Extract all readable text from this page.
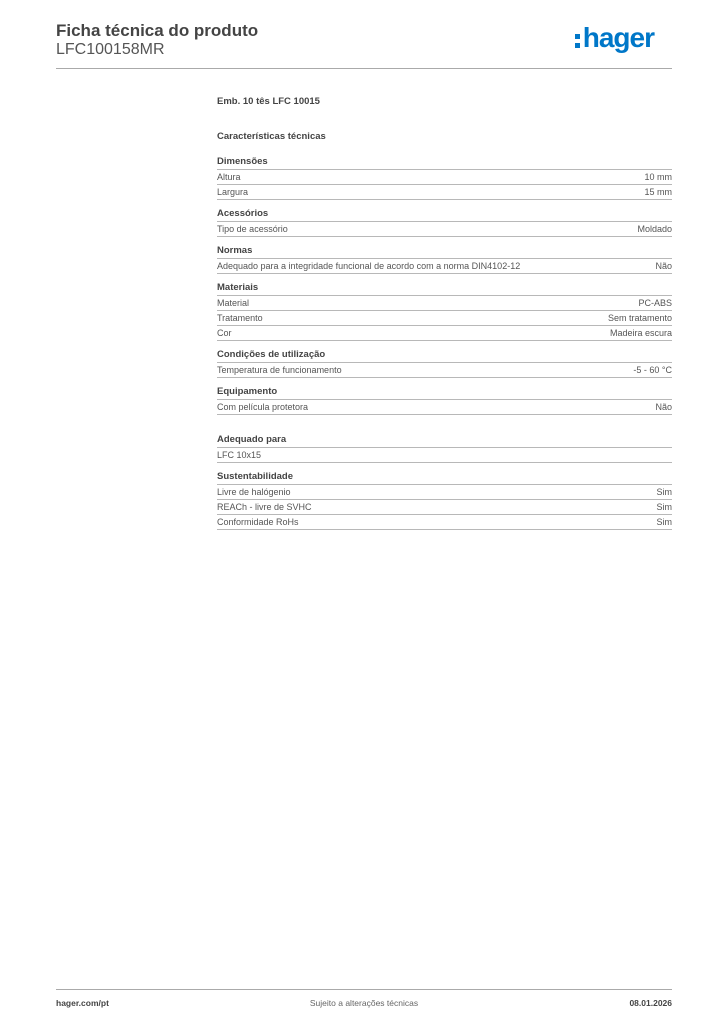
Ficha técnica do produto
LFC100158MR	hager
Emb. 10 tês LFC 10015
Características técnicas
Dimensões
Altura	10 mm
Largura	15 mm
Acessórios
Tipo de acessório	Moldado
Normas
Adequado para a integridade funcional de acordo com a norma DIN4102-12	Não
Materiais
Material	PC-ABS
Tratamento	Sem tratamento
Cor	Madeira escura
Condições de utilização
Temperatura de funcionamento	-5 - 60 °C
Equipamento
Com película protetora	Não
Adequado para
LFC 10x15
Sustentabilidade
Livre de halógenio	Sim
REACh - livre de SVHC	Sim
Conformidade RoHs	Sim
hager.com/pt	Sujeito a alterações técnicas	08.01.2026
